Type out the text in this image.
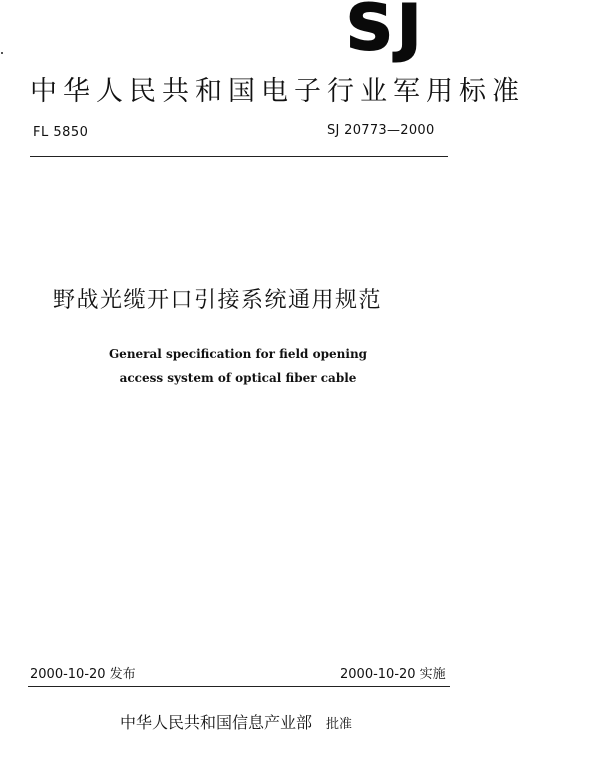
SJ
中华人民共和国电子行业军用标准
FL 5850	SJ 20773—2000
野战光缆开口引接系统通用规范
General specification for field opening
access system of optical fiber cable
2000-10-20 发布	2000-10-20 实施
中华人民共和国信息产业部 批准
